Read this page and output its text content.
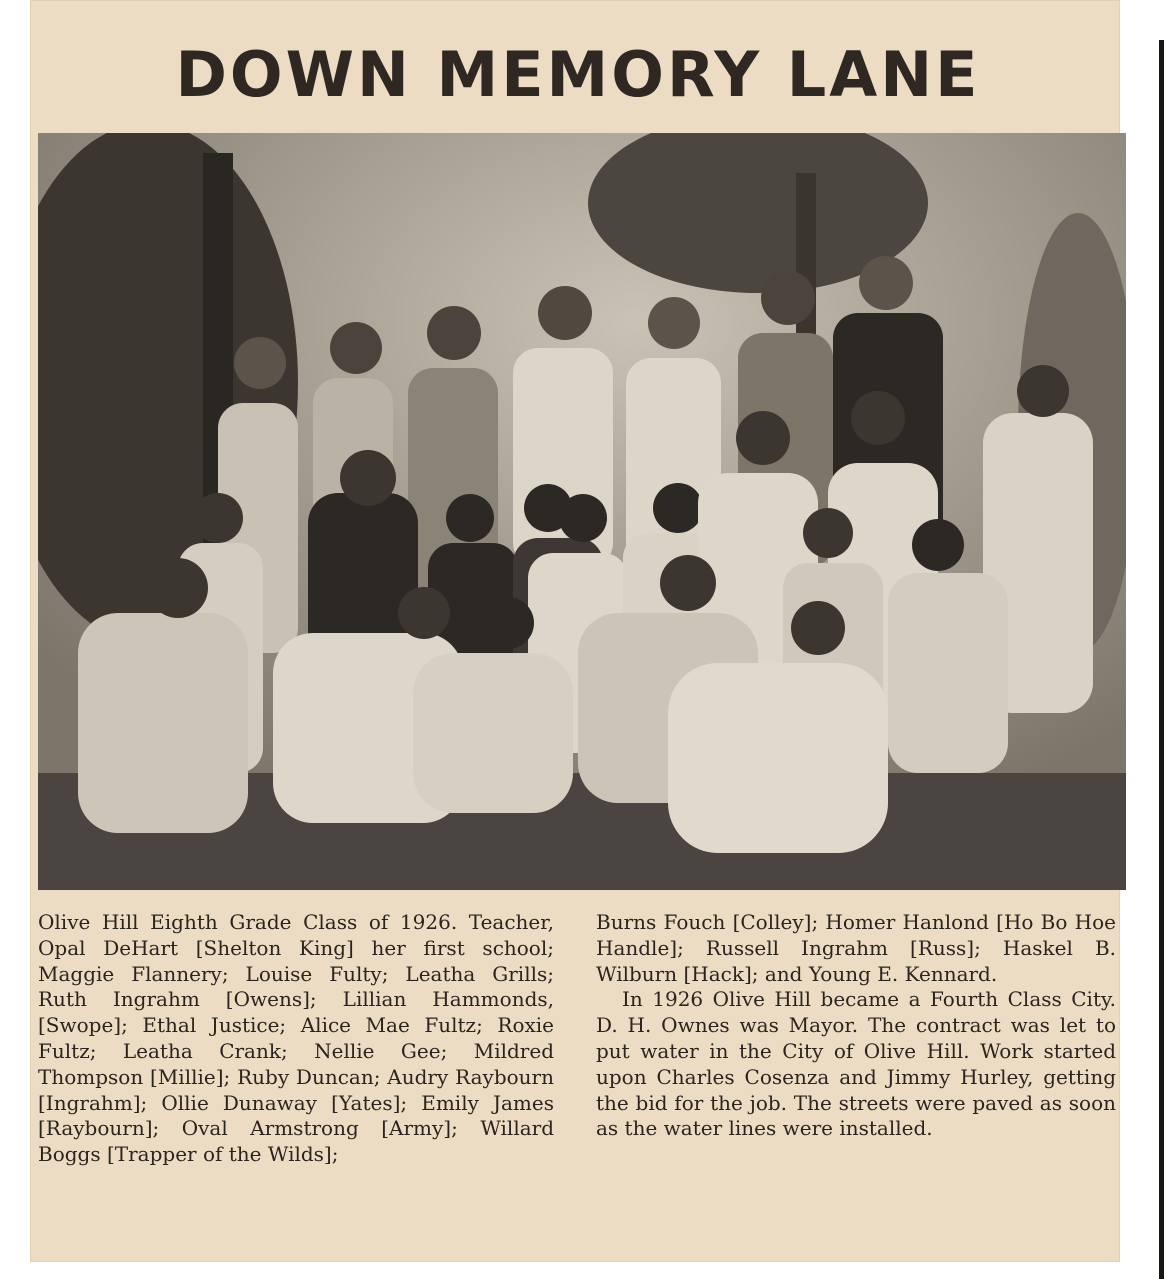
DOWN MEMORY LANE

Olive Hill Eighth Grade Class of 1926. Teacher, Opal DeHart [Shelton King] her first school; Maggie Flannery; Louise Fulty; Leatha Grills; Ruth Ingrahm [Owens]; Lillian Hammonds, [Swope]; Ethal Justice; Alice Mae Fultz; Roxie Fultz; Leatha Crank; Nellie Gee; Mildred Thompson [Millie]; Ruby Duncan; Audry Raybourn [Ingrahm]; Ollie Dunaway [Yates]; Emily James [Raybourn]; Oval Armstrong [Army]; Willard Boggs [Trapper of the Wilds];

Burns Fouch [Colley]; Homer Hanlond [Ho Bo Hoe Handle]; Russell Ingrahm [Russ]; Haskel B. Wilburn [Hack]; and Young E. Kennard.

In 1926 Olive Hill became a Fourth Class City. D. H. Ownes was Mayor. The contract was let to put water in the City of Olive Hill. Work started upon Charles Cosenza and Jimmy Hurley, getting the bid for the job. The streets were paved as soon as the water lines were installed.
